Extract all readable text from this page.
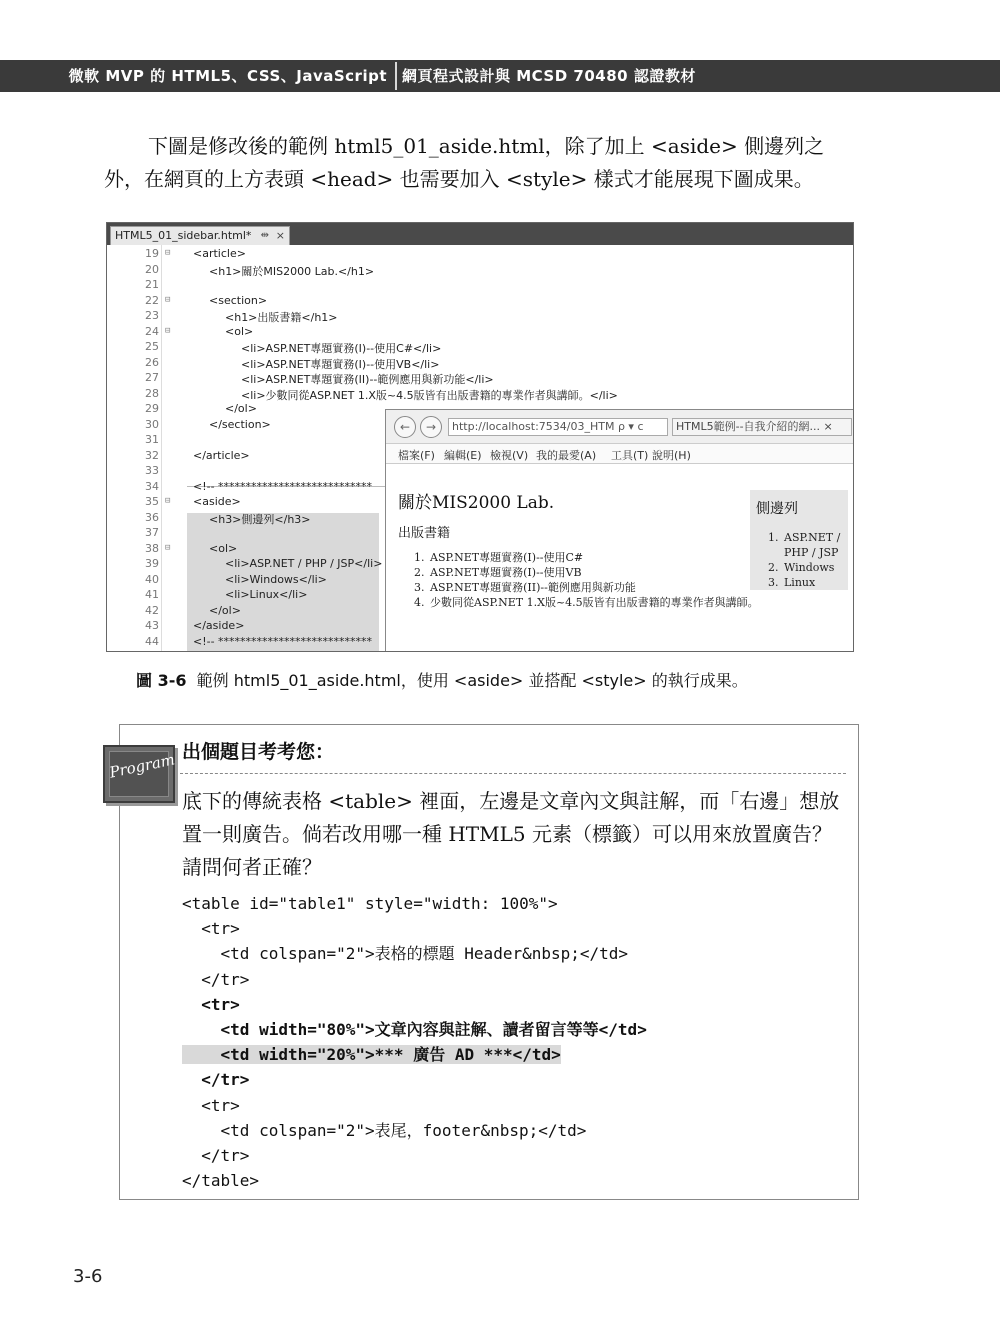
微軟 MVP 的 HTML5、CSS、JavaScript	網頁程式設計與 MCSD 70480 認證教材

下圖是修改後的範例 html5_01_aside.html，除了加上 <aside> 側邊列之外，在網頁的上方表頭 <head> 也需要加入 <style> 樣式才能展現下圖成果。

HTML5_01_sidebar.html* ⇹ ×
19 ⊟ <article>
20	<h1>關於MIS2000 Lab.</h1>
21
22 ⊟	<section>
23	<h1>出版書籍</h1>
24 ⊟	<ol>
25	<li>ASP.NET專題實務(I)--使用C#</li>
26	<li>ASP.NET專題實務(I)--使用VB</li>
27	<li>ASP.NET專題實務(II)--範例應用與新功能</li>
28	<li>少數同從ASP.NET 1.X版~4.5版皆有出版書籍的專業作者與講師。</li>
29	</ol>
30	</section>
31
32	</article>
33
34	<!-- ****************************
35 ⊟ <aside>
36	<h3>側邊列</h3>
37
38 ⊟	<ol>
39	<li>ASP.NET / PHP / JSP</li>
40	<li>Windows</li>
41	<li>Linux</li>
42	</ol>
43	</aside>
44	<!-- ****************************
←	→	http://localhost:7534/03_HTM ρ ▾ c	HTML5範例--自我介紹的網... ×
檔案(F) 編輯(E) 檢視(V) 我的最愛(A) 工具(T) 說明(H)
關於MIS2000 Lab.
出版書籍
1. ASP.NET專題實務(I)--使用C#
2. ASP.NET專題實務(I)--使用VB
3. ASP.NET專題實務(II)--範例應用與新功能
4. 少數同從ASP.NET 1.X版~4.5版皆有出版書籍的專業作者與講師。
側邊列
1. ASP.NET / PHP / JSP
2. Windows
3. Linux
圖 3-6 範例 html5_01_aside.html，使用 <aside> 並搭配 <style> 的執行成果。
Program 出個題目考考您：
底下的傳統表格 <table> 裡面，左邊是文章內文與註解，而「右邊」想放置一則廣告。倘若改用哪一種 HTML5 元素（標籤）可以用來放置廣告？請問何者正確？
<table id="table1" style="width: 100%">
<tr>
<td colspan="2">表格的標題 Header&nbsp;</td>
</tr>
<tr>
<td width="80%">文章內容與註解、讀者留言等等</td>
<td width="20%">*** 廣告 AD ***</td>
</tr>
<tr>
<td colspan="2">表尾，footer&nbsp;</td>
</tr>
</table>
3-6
